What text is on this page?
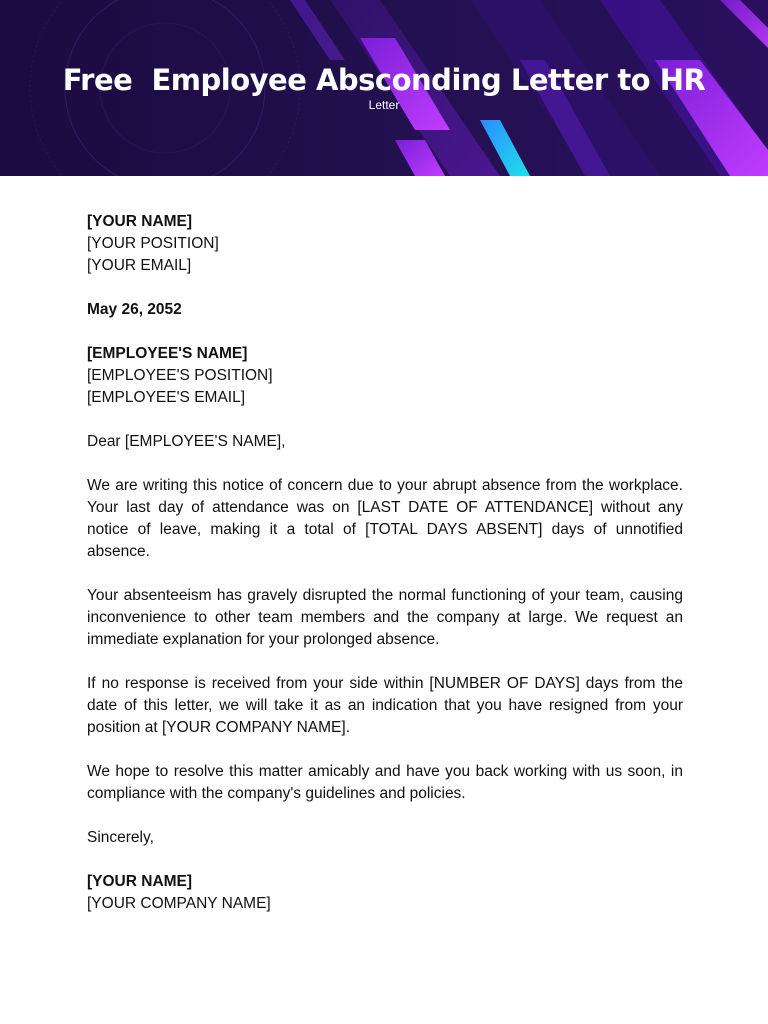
Free  Employee Absconding Letter to HR
Letter
[YOUR NAME]
[YOUR POSITION]
[YOUR EMAIL]
May 26, 2052
[EMPLOYEE'S NAME]
[EMPLOYEE'S POSITION]
[EMPLOYEE'S EMAIL]
Dear [EMPLOYEE'S NAME],

We are writing this notice of concern due to your abrupt absence from the workplace. Your last day of attendance was on [LAST DATE OF ATTENDANCE] without any notice of leave, making it a total of [TOTAL DAYS ABSENT] days of unnotified absence.

Your absenteeism has gravely disrupted the normal functioning of your team, causing inconvenience to other team members and the company at large. We request an immediate explanation for your prolonged absence.

If no response is received from your side within [NUMBER OF DAYS] days from the date of this letter, we will take it as an indication that you have resigned from your position at [YOUR COMPANY NAME].

We hope to resolve this matter amicably and have you back working with us soon, in compliance with the company's guidelines and policies.

Sincerely,
[YOUR NAME]
[YOUR COMPANY NAME]
